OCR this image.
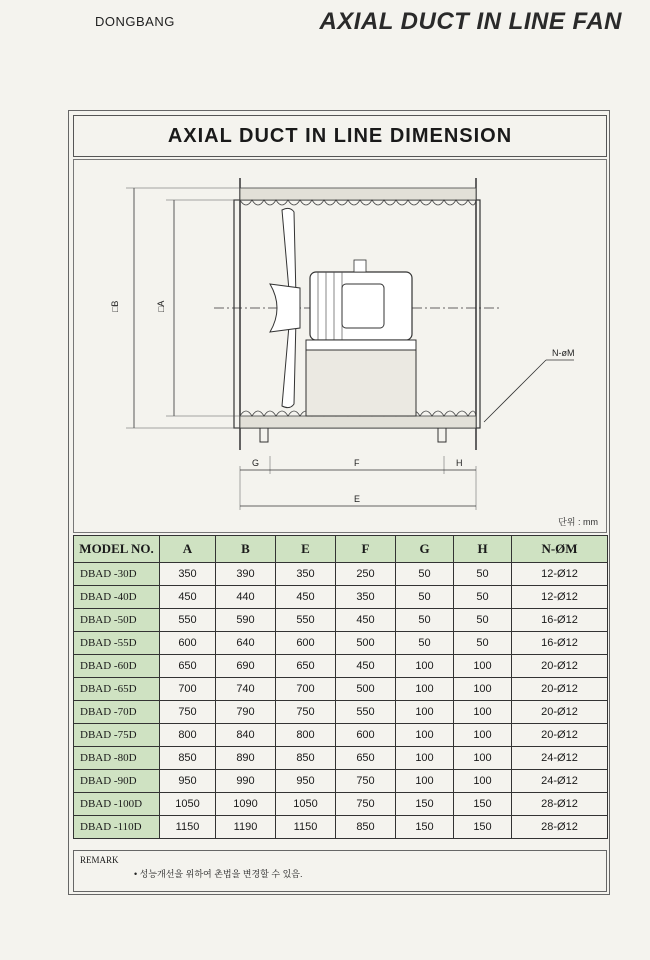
DONGBANG	AXIAL DUCT IN LINE FAN
AXIAL DUCT IN LINE DIMENSION
□B	□A
N-øM
G	F	H
E
단위 : mm
MODEL NO.	A	B	E	F	G	H	N-ØM
DBAD -30D	350	390	350	250	50	50	12-Ø12
DBAD -40D	450	440	450	350	50	50	12-Ø12
DBAD -50D	550	590	550	450	50	50	16-Ø12
DBAD -55D	600	640	600	500	50	50	16-Ø12
DBAD -60D	650	690	650	450	100	100	20-Ø12
DBAD -65D	700	740	700	500	100	100	20-Ø12
DBAD -70D	750	790	750	550	100	100	20-Ø12
DBAD -75D	800	840	800	600	100	100	20-Ø12
DBAD -80D	850	890	850	650	100	100	24-Ø12
DBAD -90D	950	990	950	750	100	100	24-Ø12
DBAD -100D	1050	1090	1050	750	150	150	28-Ø12
DBAD -110D	1150	1190	1150	850	150	150	28-Ø12
REMARK
• 성능개선을 위하여 촌법을 변경할 수 있음.
